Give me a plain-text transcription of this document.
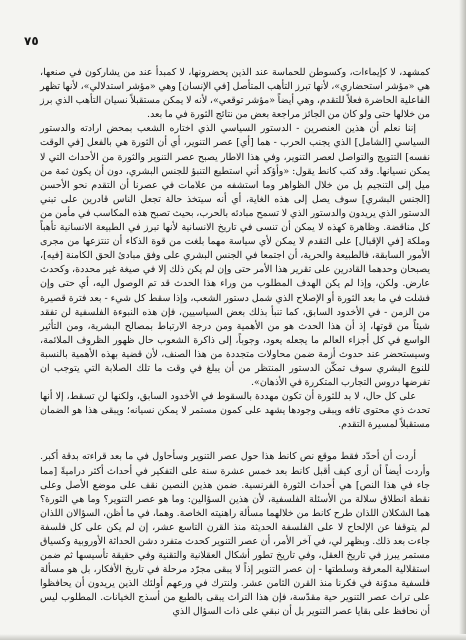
٧٥

كمشهد، لا كإيماءات، وكسوطن للحماسة عند الذين يحضرونها، لا كمبدأ عند من يشاركون في صنعها، هي «مؤشر استحضاري»، لأنها تبرز التأهب المتأصل [في الإنسان] وهي «مؤشر استدلالي»، لأنها تظهر الفاعلية الحاضرة فعلاً للتقدم، وهي أيضاً «مؤشر توقعي»، لأنه لا يمكن مستقبلاً نسيان التأهب الذي برز من خلالها حتى ولو كان من الجائز مراجعة بعض من نتائج الثورة في ما بعد.

إننا نعلم أن هذين العنصرين - الدستور السياسي الذي اختاره الشعب بمحض ارادته والدستور السياسي [الشامل] الذي يجنب الحرب - هما [أي] عصر التنوير، أي أن الثورة هي بالفعل [في الوقت نفسه] التتويج والتواصل لعصر التنوير، وفي هذا الاطار يصبح عصر التنوير والثورة من الأحداث التي لا يمكن نسيانها. وقد كتب كانط يقول: «وأؤكد أني استطيع التنبؤ للجنس البشري، دون أن يكون ثمة من ميل إلى التنجيم بل من خلال الظواهر وما استشفه من علامات في عصرنا أن التقدم نحو الأحسن [الجنس البشري] سوف يصل إلى هذه الغاية، أي أنه سيتخذ حالة تجعل الناس قادرين على تبني الدستور الذي يريدون والدستور الذي لا تسمح مبادئه بالحرب، بحيث تصبح هذه المكاسب في مأمن من كل مناقضة. وظاهرة كهذه لا يمكن أن تنسى في تاريخ الانسانية لأنها تبرز في الطبيعة الانسانية تأهباً وملكة [في الإقبال] على التقدم لا يمكن لأي سياسة مهما بلغت من قوة الذكاء أن تنتزعها من مجرى الأمور السابقة، فالطبيعة والحرية، أن اجتمعا في الجنس البشري على وفق مبادئ الحق الكامنة [فيه]، يصبحان وحدهما القادرين على تقرير هذا الأمر حتى وإن لم يكن ذلك إلا في صيغة غير محددة، وكحدث عارض. ولكن، وإذا لم يكن الهدف المطلوب من وراء هذا الحدث قد تم الوصول اليه، أي حتى وإن فشلت في ما بعد الثورة أو الإصلاح الذي شمل دستور الشعب، وإذا سقط كل شيء - بعد فترة قصيرة من الزمن - في الأخدود السابق، كما تنبأ بذلك بعض السياسيين، فإن هذه النبوءة الفلسفية لن تفقد شيئاً من قوتها، إذ أن هذا الحدث هو من الأهمية ومن درجة الارتباط بمصالح البشرية، ومن التأثير الواسع في كل أجزاء العالم ما يجعله يعود، وجوباً، إلى ذاكرة الشعوب حال ظهور الظروف الملائمة، وسيستحضر عند حدوث أزمة ضمن محاولات متجددة من هذا الصنف، لأن قضية بهذه الأهمية بالنسبة للنوع البشري سوف تمكّن الدستور المنتظر من أن يبلغ في وقت ما تلك الصلابة التي يتوجب ان تفرضها دروس التجارب المتكررة في الأذهان».

على كل حال، لا بد للثورة أن تكون مهددة بالسقوط في الأخدود السابق، ولكنها لن تسقط، إلا أنها تحدث ذي محتوى تافه ويبقى وجودها يشهد على كمون مستمر لا يمكن نسيانه؛ ويبقى هذا هو الضمان مستقبلاً لمسيرة التقدم.

أردت أن أحدّد فقط موقع نص كانط هذا حول عصر التنوير وسأحاول في ما بعد قراءته بدقة أكبر. وأردت أيضاً أن أرى كيف أقبل كانط بعد خمس عشرة سنة على التفكير في أحداث أكثر دراميةً [مما جاء في هذا النص] هي أحداث الثورة الفرنسية. ضمن هذين النصين نقف على موضع الأصل وعلى نقطة انطلاق سلالة من الأسئلة الفلسفية، لأن هذين السؤالين: وما هو عصر التنوير؟ وما هي الثورة؟ هما الشكلان اللذان طرح كانط من خلالهما مسألة راهنيته الخاصة. وهما، في ما أظن، السؤالان اللذان لم يتوقفا عن الإلحاح لا على الفلسفة الحديثة منذ القرن التاسع عشر، إن لم يكن على كل فلسفة جاءت بعد ذلك. وبظهر لي، في آخر الأمر، أن عصر التنوير كحدث متفرد دشن الحداثة الأوروبية وكسياق مستمر يبرز في تاريخ العقل، وفي تاريخ تطور أشكال العقلانية والتقنية وفي حقيقة تأسيسها ثم ضمن استقلالية المعرفة وسلطتها - إن عصر التنوير إذاً لا يبقى مجرّد مرحلة في تاريخ الأفكار، بل هو مسألة فلسفية مدوّنة في فكرنا منذ القرن الثامن عشر. ولنترك في ورعهم أولئك الذين يريدون أن يحافظوا على تراث عصر التنوير حية مقدّسة، فإن هذا التراث يبقى بالطبع من أسذج الخيانات. المطلوب ليس أن نحافظ على بقايا عصر التنوير بل أن نبقي على ذات السؤال الذي
